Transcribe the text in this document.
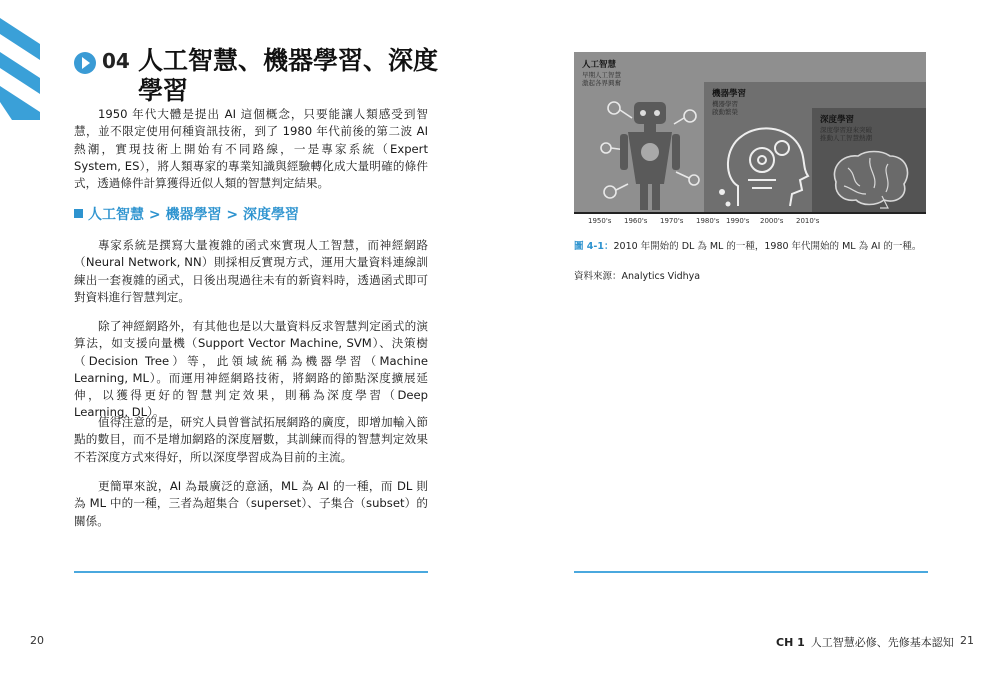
04 人工智慧、機器學習、深度學習

1950 年代大體是提出 AI 這個概念，只要能讓人類感受到智慧，並不限定使用何種資訊技術，到了 1980 年代前後的第二波 AI 熱潮，實現技術上開始有不同路線，一是專家系統（Expert System, ES），將人類專家的專業知識與經驗轉化成大量明確的條件式，透過條件計算獲得近似人類的智慧判定結果。

人工智慧 > 機器學習 > 深度學習

專家系統是撰寫大量複雜的函式來實現人工智慧，而神經網路（Neural Network, NN）則採相反實現方式，運用大量資料連線訓練出一套複雜的函式，日後出現過往未有的新資料時，透過函式即可對資料進行智慧判定。

除了神經網路外，有其他也是以大量資料反求智慧判定函式的演算法，如支援向量機（Support Vector Machine, SVM）、決策樹（Decision Tree）等，此領域統稱為機器學習（Machine Learning, ML）。而運用神經網路技術，將網路的節點深度擴展延伸，以獲得更好的智慧判定效果，則稱為深度學習（Deep Learning, DL）。

值得注意的是，研究人員曾嘗試拓展網路的廣度，即增加輸入節點的數目，而不是增加網路的深度層數，其訓練而得的智慧判定效果不若深度方式來得好，所以深度學習成為目前的主流。

更簡單來說，AI 為最廣泛的意涵，ML 為 AI 的一種，而 DL 則為 ML 中的一種，三者為超集合（superset）、子集合（subset）的關係。

20
人工智慧
早期人工智慧
激起各界興奮
機器學習
機器學習
啟動繁榮
深度學習
深度學習迎來突破
推動人工智慧熱潮
1950's 1960's 1970's 1980's 1990's 2000's 2010's
圖 4-1：2010 年開始的 DL 為 ML 的一種，1980 年代開始的 ML 為 AI 的一種。
資料來源：Analytics Vidhya
CH 1 人工智慧必修、先修基本認知 21
